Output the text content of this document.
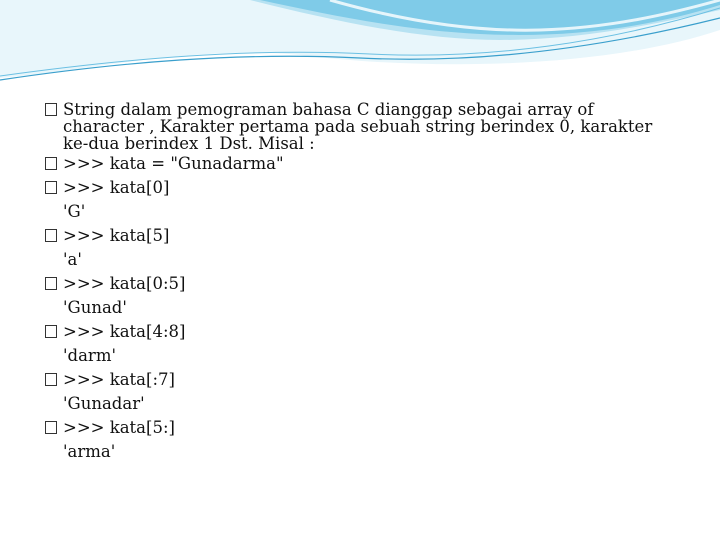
String dalam pemograman bahasa C dianggap sebagai array of character , Karakter pertama pada sebuah string berindex 0, karakter ke-dua berindex 1 Dst. Misal :
>>> kata = "Gunadarma"
>>> kata[0]
'G'
>>> kata[5]
'a'
>>> kata[0:5]
'Gunad'
>>> kata[4:8]
'darm'
>>> kata[:7]
'Gunadar'
>>> kata[5:]
'arma'
